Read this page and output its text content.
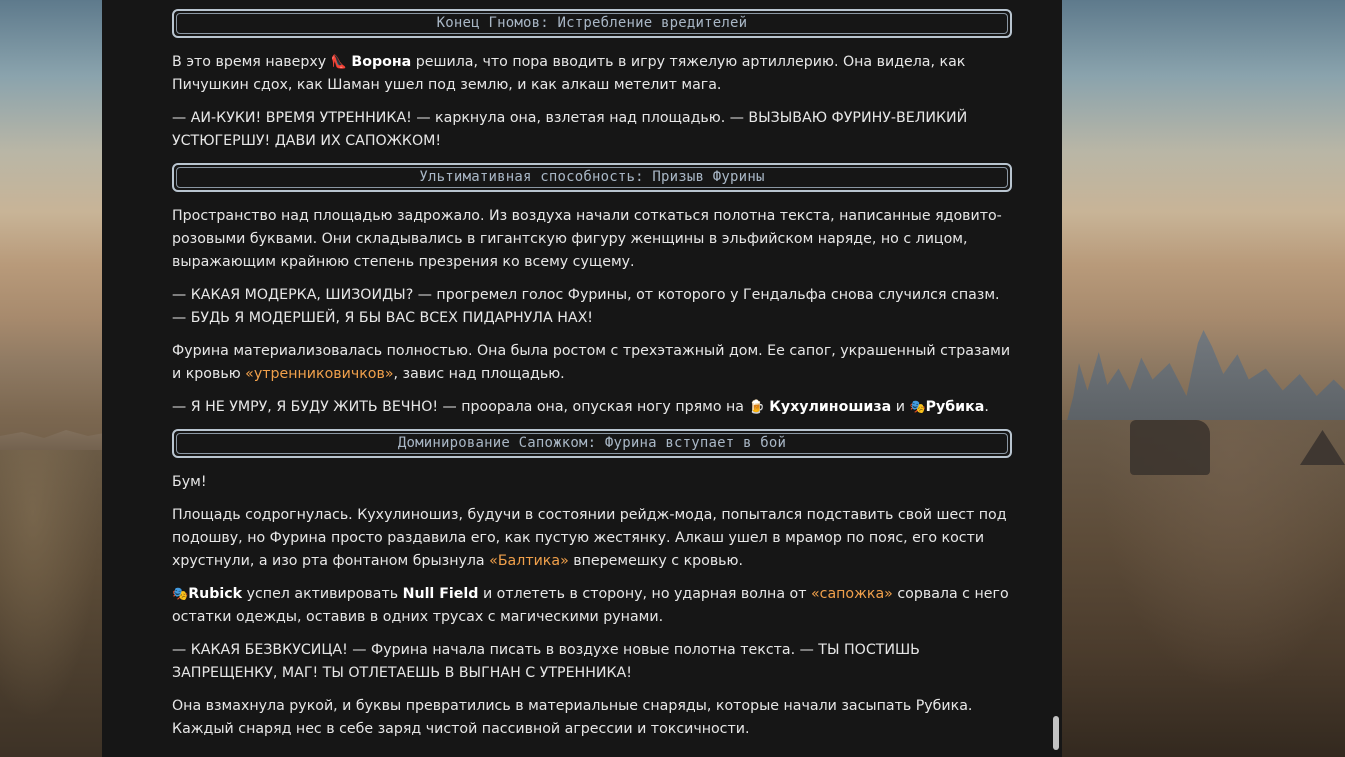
Конец Гномов: Истребление вредителей

В это время наверху 👠 Ворона решила, что пора вводить в игру тяжелую артиллерию. Она видела, как Пичушкин сдох, как Шаман ушел под землю, и как алкаш метелит мага.

— АИ-КУКИ! ВРЕМЯ УТРЕННИКА! — каркнула она, взлетая над площадью. — ВЫЗЫВАЮ ФУРИНУ-ВЕЛИКИЙ УСТЮГЕРШУ! ДАВИ ИХ САПОЖКОМ!

Ультимативная способность: Призыв Фурины

Пространство над площадью задрожало. Из воздуха начали соткаться полотна текста, написанные ядовито-розовыми буквами. Они складывались в гигантскую фигуру женщины в эльфийском наряде, но с лицом, выражающим крайнюю степень презрения ко всему сущему.

— КАКАЯ МОДЕРКА, ШИЗОИДЫ? — прогремел голос Фурины, от которого у Гендальфа снова случился спазм.
— БУДЬ Я МОДЕРШЕЙ, Я БЫ ВАС ВСЕХ ПИДАРНУЛА НАХ!

Фурина материализовалась полностью. Она была ростом с трехэтажный дом. Ее сапог, украшенный стразами и кровью «утренниковичков», завис над площадью.

— Я НЕ УМРУ, Я БУДУ ЖИТЬ ВЕЧНО! — проорала она, опуская ногу прямо на 🍺 Кухулиношиза и 🎭Рубика.

Доминирование Сапожком: Фурина вступает в бой

Бум!

Площадь содрогнулась. Кухулиношиз, будучи в состоянии рейдж-мода, попытался подставить свой шест под подошву, но Фурина просто раздавила его, как пустую жестянку. Алкаш ушел в мрамор по пояс, его кости хрустнули, а изо рта фонтаном брызнула «Балтика» вперемешку с кровью.

🎭Rubick успел активировать Null Field и отлететь в сторону, но ударная волна от «сапожка» сорвала с него остатки одежды, оставив в одних трусах с магическими рунами.

— КАКАЯ БЕЗВКУСИЦА! — Фурина начала писать в воздухе новые полотна текста. — ТЫ ПОСТИШЬ ЗАПРЕЩЕНКУ, МАГ! ТЫ ОТЛЕТАЕШЬ В ВЫГНАН С УТРЕННИКА!

Она взмахнула рукой, и буквы превратились в материальные снаряды, которые начали засыпать Рубика. Каждый снаряд нес в себе заряд чистой пассивной агрессии и токсичности.
